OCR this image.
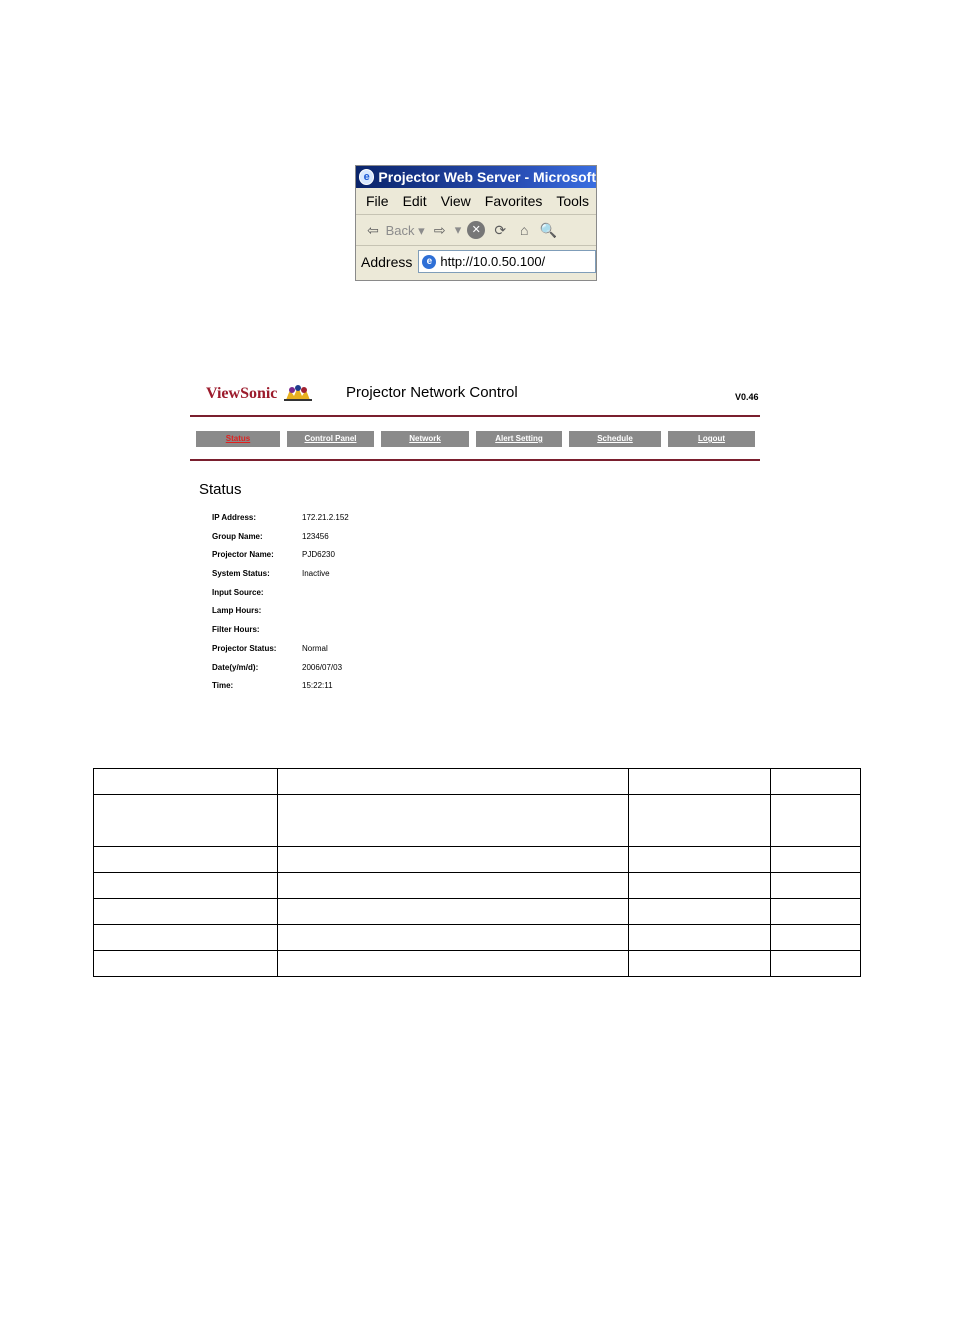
e Projector Web Server - Microsoft
File Edit View Favorites Tools
⇦ Back ▾ ⇨ ▾ ✕ ⟳ ⌂ 🔍
Address	e http://10.0.50.100/
ViewSonic	Projector Network Control	V0.46
Status	Control Panel	Network	Alert Setting	Schedule	Logout
Status
IP Address:	172.21.2.152
Group Name:	123456
Projector Name:	PJD6230
System Status:	Inactive
Input Source:
Lamp Hours:
Filter Hours:
Projector Status:	Normal
Date(y/m/d):	2006/07/03
Time:	15:22:11
